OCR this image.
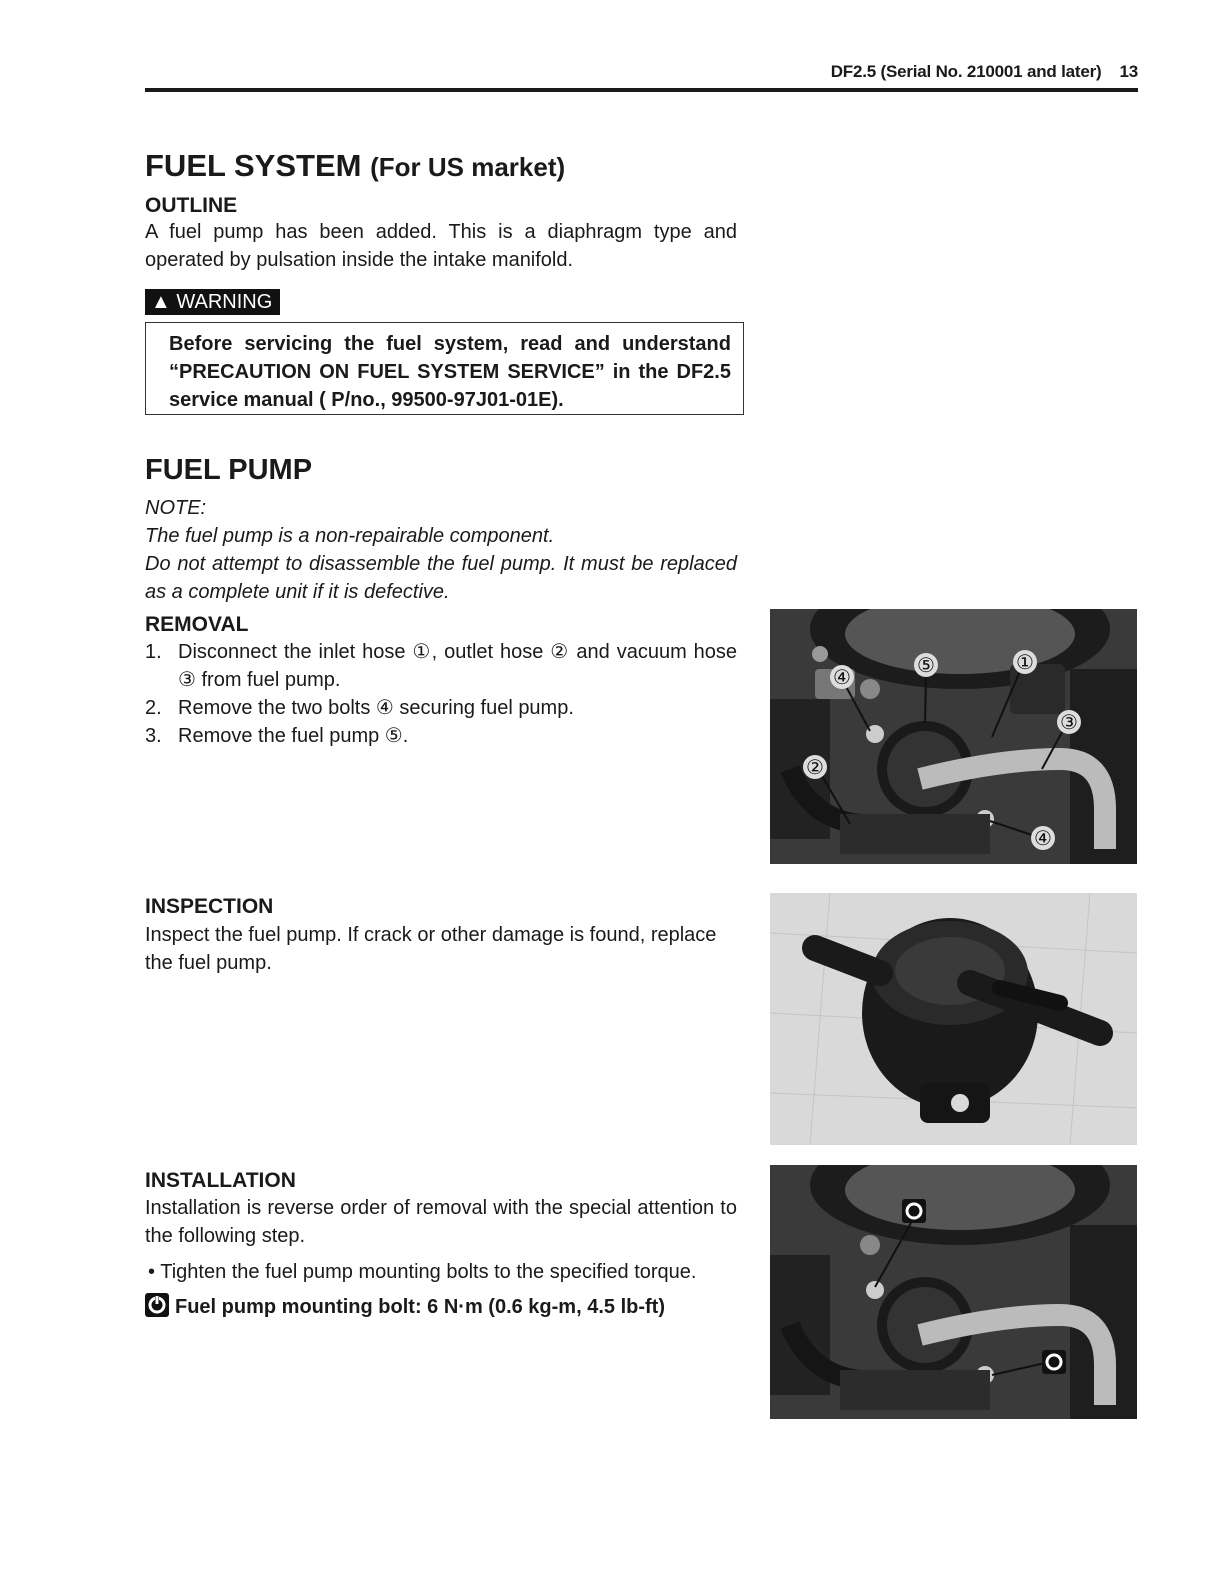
DF2.5 (Serial No. 210001 and later) 13
FUEL SYSTEM (For US market)
OUTLINE
A fuel pump has been added. This is a diaphragm type and operated by pulsation inside the intake manifold.
▲ WARNING
Before servicing the fuel system, read and understand “PRECAUTION ON FUEL SYSTEM SERVICE” in the DF2.5 service manual ( P/no., 99500-97J01-01E).
FUEL PUMP
NOTE:
The fuel pump is a non-repairable component.
Do not attempt to disassemble the fuel pump. It must be replaced as a complete unit if it is defective.
REMOVAL
1. Disconnect the inlet hose ①, outlet hose ② and vacuum hose ③ from fuel pump.
2. Remove the two bolts ④ securing fuel pump.
3. Remove the fuel pump ⑤.
④	⑤	①
③
②
④
INSPECTION
Inspect the fuel pump. If crack or other damage is found, replace the fuel pump.
INSTALLATION
Installation is reverse order of removal with the special attention to the following step.
• Tighten the fuel pump mounting bolts to the specified torque.
Fuel pump mounting bolt: 6 N·m (0.6 kg-m, 4.5 lb-ft)
